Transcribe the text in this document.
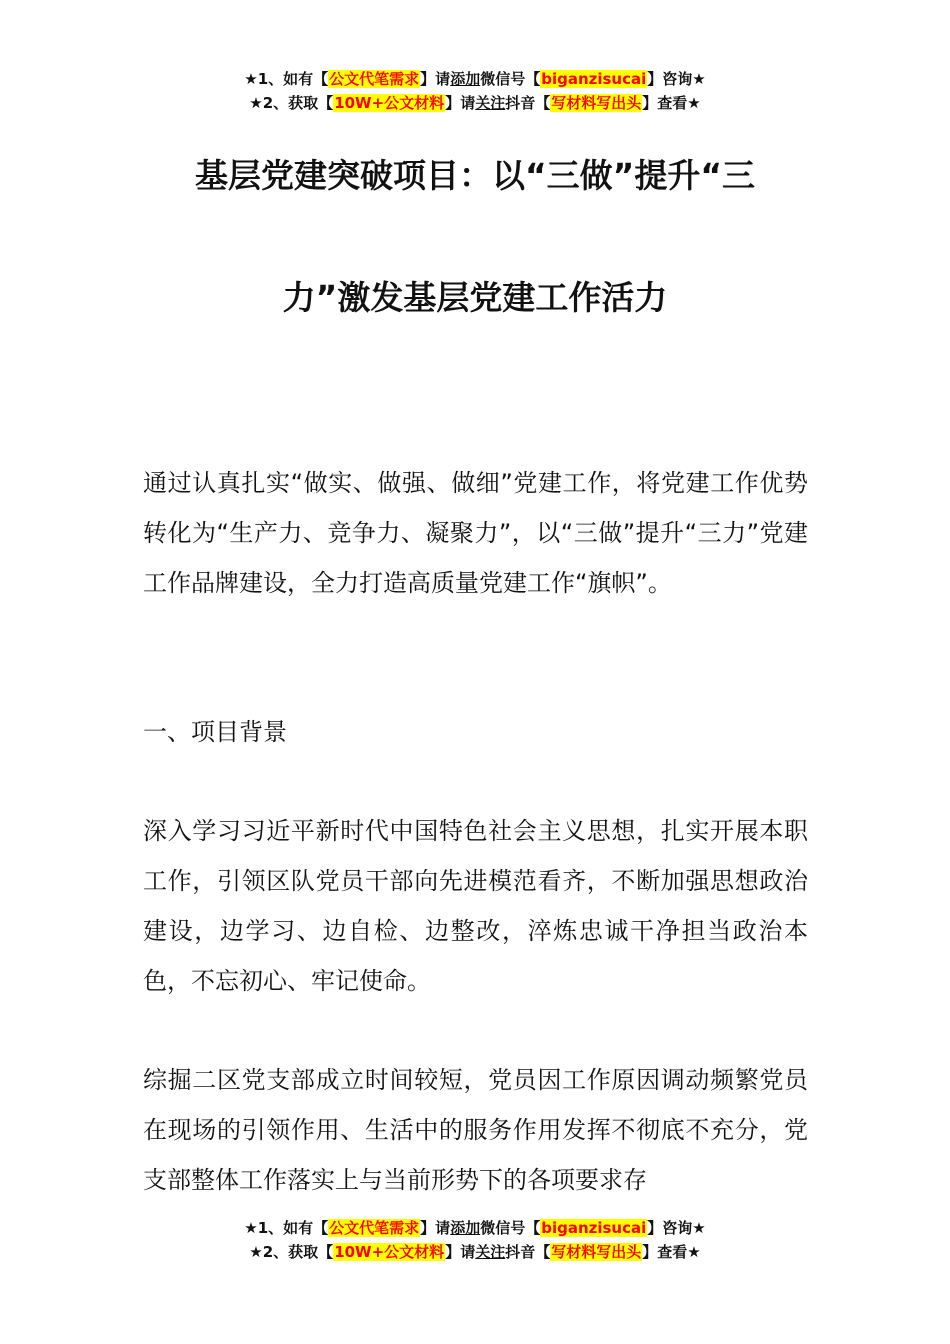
★1、如有【公文代笔需求】请添加微信号【biganzisucai】咨询★
★2、获取【10W+公文材料】请关注抖音【写材料写出头】查看★
基层党建突破项目：以“三做”提升“三
力”激发基层党建工作活力

通过认真扎实“做实、做强、做细”党建工作，将党建工作优势转化为“生产力、竞争力、凝聚力”，以“三做”提升“三力”党建工作品牌建设，全力打造高质量党建工作“旗帜”。

一、项目背景

深入学习习近平新时代中国特色社会主义思想，扎实开展本职工作，引领区队党员干部向先进模范看齐，不断加强思想政治建设，边学习、边自检、边整改，淬炼忠诚干净担当政治本色，不忘初心、牢记使命。

综掘二区党支部成立时间较短，党员因工作原因调动频繁党员在现场的引领作用、生活中的服务作用发挥不彻底不充分，党支部整体工作落实上与当前形势下的各项要求存

★1、如有【公文代笔需求】请添加微信号【biganzisucai】咨询★
★2、获取【10W+公文材料】请关注抖音【写材料写出头】查看★
